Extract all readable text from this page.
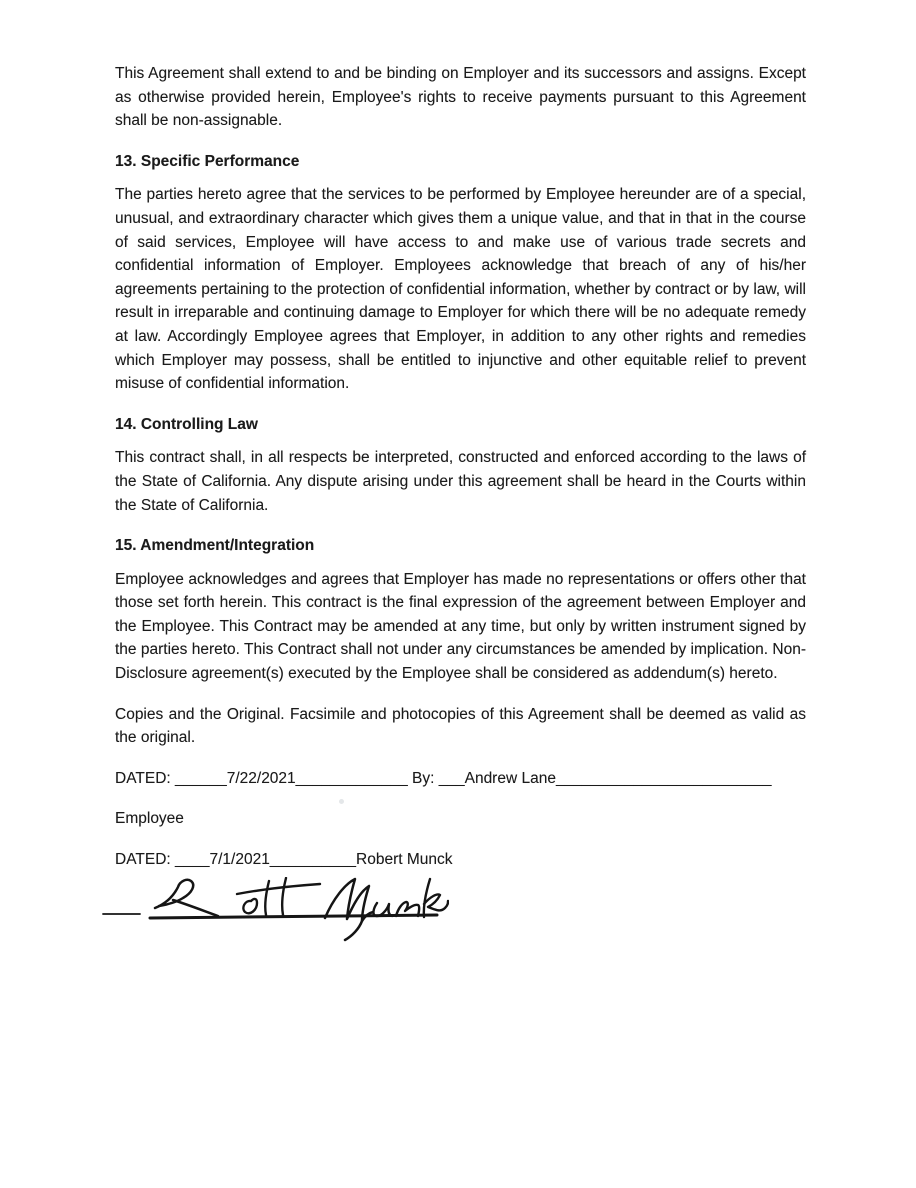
This Agreement shall extend to and be binding on Employer and its successors and assigns. Except as otherwise provided herein, Employee's rights to receive payments pursuant to this Agreement shall be non-assignable.

13. Specific Performance

The parties hereto agree that the services to be performed by Employee hereunder are of a special, unusual, and extraordinary character which gives them a unique value, and that in that in the course of said services, Employee will have access to and make use of various trade secrets and confidential information of Employer. Employees acknowledge that breach of any of his/her agreements pertaining to the protection of confidential information, whether by contract or by law, will result in irreparable and continuing damage to Employer for which there will be no adequate remedy at law. Accordingly Employee agrees that Employer, in addition to any other rights and remedies which Employer may possess, shall be entitled to injunctive and other equitable relief to prevent misuse of confidential information.

14. Controlling Law

This contract shall, in all respects be interpreted, constructed and enforced according to the laws of the State of California. Any dispute arising under this agreement shall be heard in the Courts within the State of California.

15. Amendment/Integration

Employee acknowledges and agrees that Employer has made no representations or offers other that those set forth herein. This contract is the final expression of the agreement between Employer and the Employee. This Contract may be amended at any time, but only by written instrument signed by the parties hereto. This Contract shall not under any circumstances be amended by implication. Non-Disclosure agreement(s) executed by the Employee shall be considered as addendum(s) hereto.

Copies and the Original. Facsimile and photocopies of this Agreement shall be deemed as valid as the original.

DATED: ______7/22/2021_____________ By: ___Andrew Lane_________________________

Employee

DATED: ____7/1/2021__________Robert Munck
